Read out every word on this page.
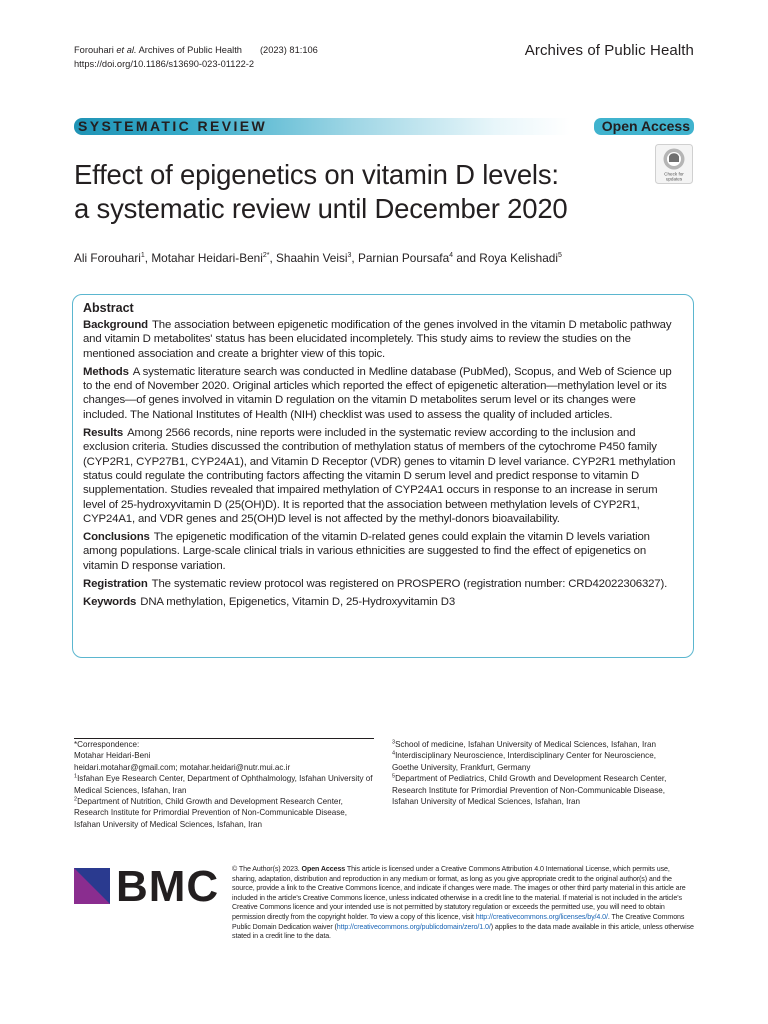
Forouhari et al. Archives of Public Health (2023) 81:106
https://doi.org/10.1186/s13690-023-01122-2
Archives of Public Health
SYSTEMATIC REVIEW	Open Access
Check for
updates
Effect of epigenetics on vitamin D levels:
a systematic review until December 2020
Ali Forouhari$^1$, Motahar Heidari-Beni$^{2*}$, Shaahin Veisi$^3$, Parnian Poursafa$^4$ and Roya Kelishadi$^5$
Abstract

Background The association between epigenetic modification of the genes involved in the vitamin D metabolic pathway and vitamin D metabolites' status has been elucidated incompletely. This study aims to review the studies on the mentioned association and create a brighter view of this topic.

Methods A systematic literature search was conducted in Medline database (PubMed), Scopus, and Web of Science up to the end of November 2020. Original articles which reported the effect of epigenetic alteration—methylation level or its changes—of genes involved in vitamin D regulation on the vitamin D metabolites serum level or its changes were included. The National Institutes of Health (NIH) checklist was used to assess the quality of included articles.

Results Among 2566 records, nine reports were included in the systematic review according to the inclusion and exclusion criteria. Studies discussed the contribution of methylation status of members of the cytochrome P450 family (CYP2R1, CYP27B1, CYP24A1), and Vitamin D Receptor (VDR) genes to vitamin D level variance. CYP2R1 methylation status could regulate the contributing factors affecting the vitamin D serum level and predict response to vitamin D supplementation. Studies revealed that impaired methylation of CYP24A1 occurs in response to an increase in serum level of 25-hydroxyvitamin D (25(OH)D). It is reported that the association between methylation levels of CYP2R1, CYP24A1, and VDR genes and 25(OH)D level is not affected by the methyl-donors bioavailability.

Conclusions The epigenetic modification of the vitamin D-related genes could explain the vitamin D levels variation among populations. Large-scale clinical trials in various ethnicities are suggested to find the effect of epigenetics on vitamin D response variation.

Registration The systematic review protocol was registered on PROSPERO (registration number: CRD42022306327).

Keywords DNA methylation, Epigenetics, Vitamin D, 25-Hydroxyvitamin D3

*Correspondence:
Motahar Heidari-Beni
heidari.motahar@gmail.com; motahar.heidari@nutr.mui.ac.ir
$^1$Isfahan Eye Research Center, Department of Ophthalmology, Isfahan University of Medical Sciences, Isfahan, Iran
$^2$Department of Nutrition, Child Growth and Development Research Center, Research Institute for Primordial Prevention of Non-Communicable Disease, Isfahan University of Medical Sciences, Isfahan, Iran
$^3$School of medicine, Isfahan University of Medical Sciences, Isfahan, Iran
$^4$Interdisciplinary Neuroscience, Interdisciplinary Center for Neuroscience, Goethe University, Frankfurt, Germany
$^5$Department of Pediatrics, Child Growth and Development Research Center, Research Institute for Primordial Prevention of Non-Communicable Disease, Isfahan University of Medical Sciences, Isfahan, Iran
BMC © The Author(s) 2023. Open Access This article is licensed under a Creative Commons Attribution 4.0 International License, which permits use, sharing, adaptation, distribution and reproduction in any medium or format, as long as you give appropriate credit to the original author(s) and the source, provide a link to the Creative Commons licence, and indicate if changes were made. The images or other third party material in this article are included in the article's Creative Commons licence, unless indicated otherwise in a credit line to the material. If material is not included in the article's Creative Commons licence and your intended use is not permitted by statutory regulation or exceeds the permitted use, you will need to obtain permission directly from the copyright holder. To view a copy of this licence, visit http://creativecommons.org/licenses/by/4.0/. The Creative Commons Public Domain Dedication waiver (http://creativecommons.org/publicdomain/zero/1.0/) applies to the data made available in this article, unless otherwise stated in a credit line to the data.
